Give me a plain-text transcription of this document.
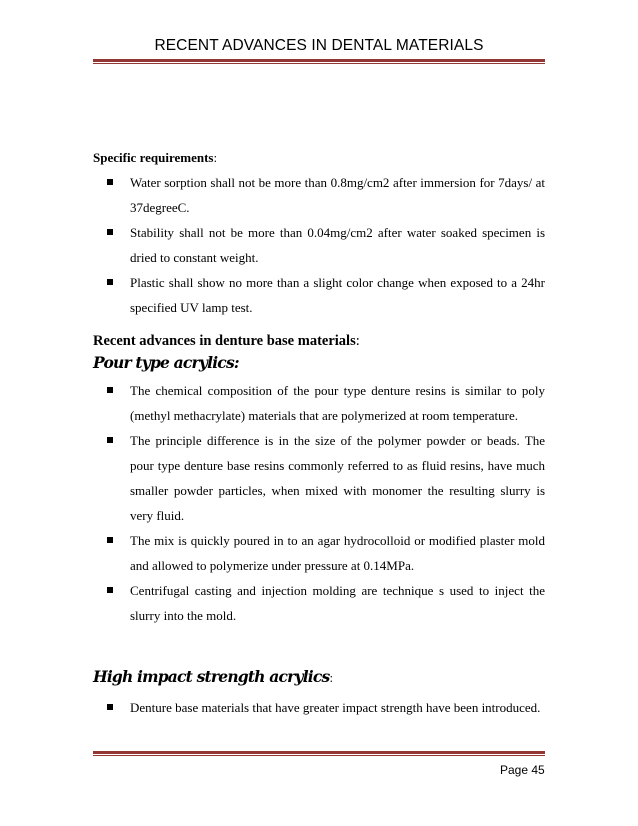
RECENT ADVANCES IN DENTAL MATERIALS
Specific requirements:
Water sorption shall not be more than 0.8mg/cm2 after immersion for 7days/ at 37degreeC.
Stability shall not be more than 0.04mg/cm2 after water soaked specimen is dried to constant weight.
Plastic shall show no more than a slight color change when exposed to a 24hr specified UV lamp test.
Recent advances in denture base materials:
Pour type acrylics:
The chemical composition of the pour type denture resins is similar to poly (methyl methacrylate) materials that are polymerized at room temperature.
The principle difference is in the size of the polymer powder or beads. The pour type denture base resins commonly referred to as fluid resins, have much smaller powder particles, when mixed with monomer the resulting slurry is very fluid.
The mix is quickly poured in to an agar hydrocolloid or modified plaster mold and allowed to polymerize under pressure at 0.14MPa.
Centrifugal casting and injection molding are technique s used to inject the slurry into the mold.
High impact strength acrylics:
Denture base materials that have greater impact strength have been introduced.
Page 45
